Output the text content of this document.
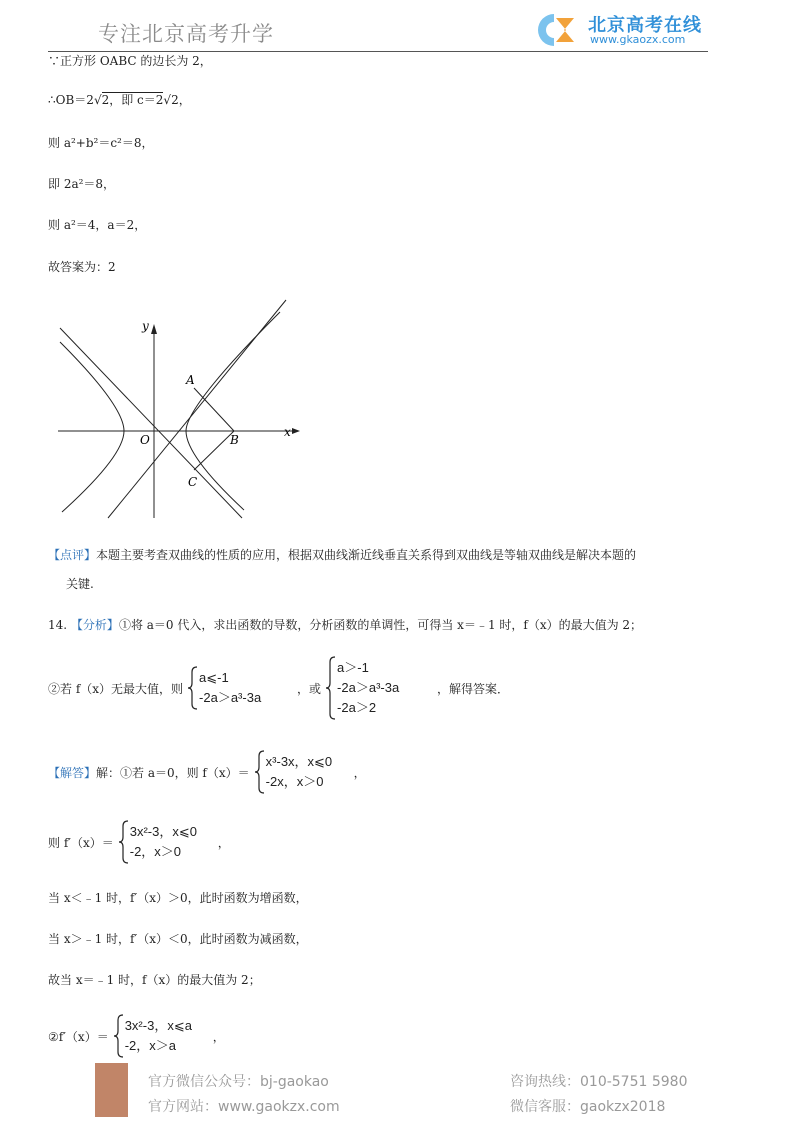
专注北京高考升学	北京高考在线
www.gkaozx.com
∵正方形 OABC 的边长为 2，
∴OB＝2√2，即 c＝2√2，
则 a²+b²＝c²＝8，
即 2a²＝8，
则 a²＝4，a＝2，
故答案为：2
y
x
A
O	B
C
【点评】本题主要考查双曲线的性质的应用，根据双曲线渐近线垂直关系得到双曲线是等轴双曲线是解决本题的
关键.
14. 【分析】①将 a＝0 代入，求出函数的导数，分析函数的单调性，可得当 x＝﹣1 时，f（x）的最大值为 2；
②若 f（x）无最大值，则
a⩽-1
-2a＞a³-3a
，或
a＞-1
-2a＞a³-3a
-2a＞2
，解得答案．
【解答】 解：①若 a＝0，则 f（x）＝
x³-3x，x⩽0
-2x，x＞0
，
则 f′（x）＝
3x²-3，x⩽0
-2，x＞0
，
当 x＜﹣1 时，f′（x）＞0，此时函数为增函数，
当 x＞﹣1 时，f′（x）＜0，此时函数为减函数，
故当 x＝﹣1 时，f（x）的最大值为 2；
②f′（x）＝
3x²-3，x⩽a
-2，x＞a
，
官方微信公众号：bj-gaokao
官方网站：www.gaokzx.com
咨询热线：010-5751 5980
微信客服：gaokzx2018
